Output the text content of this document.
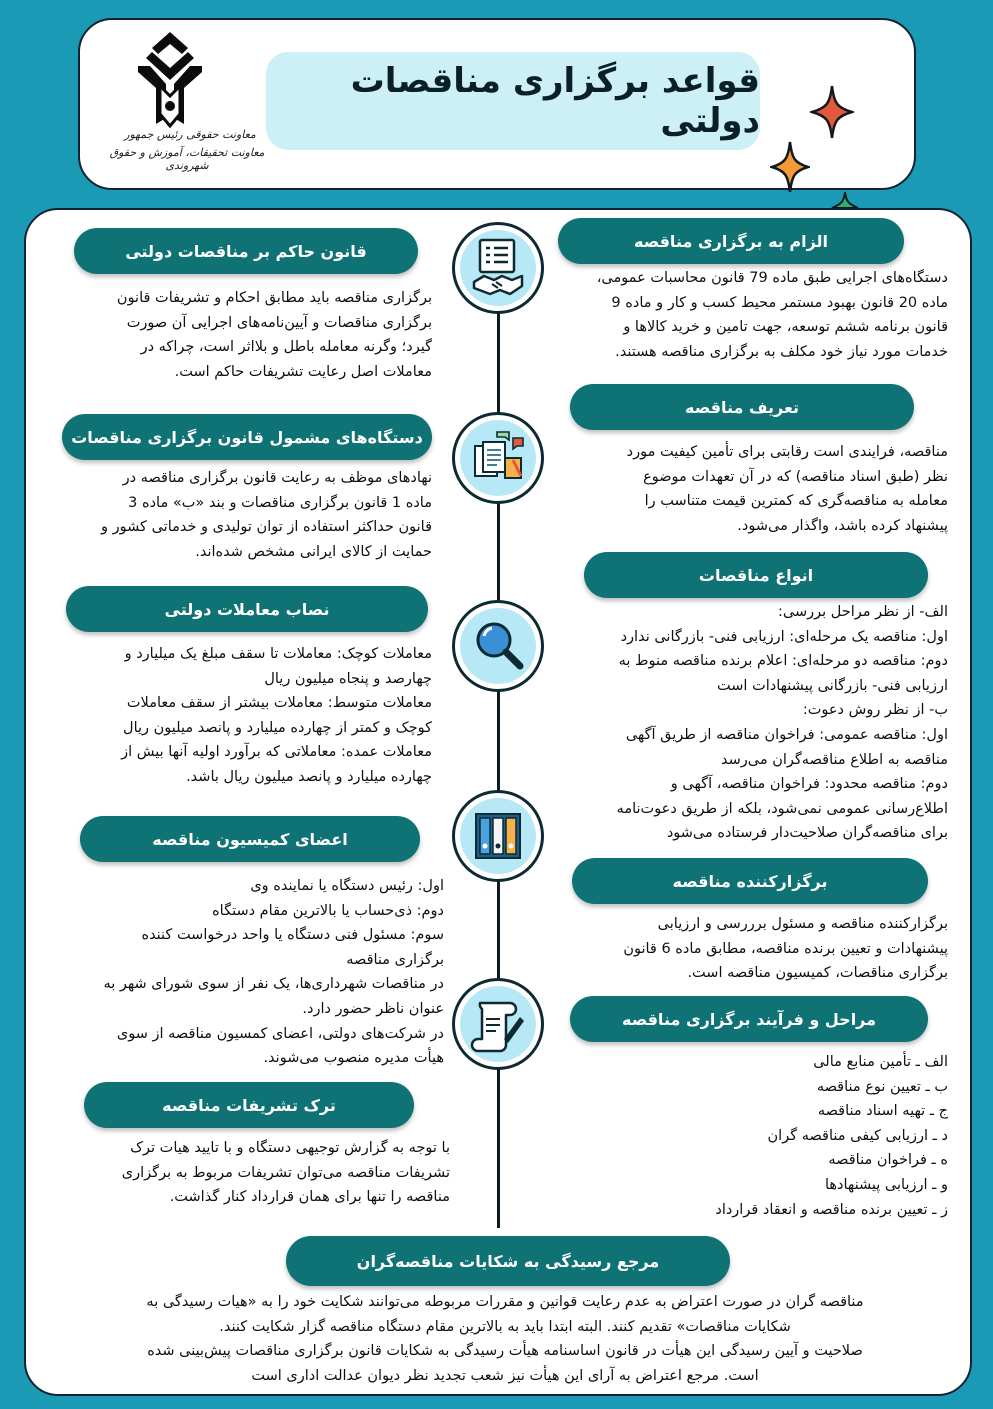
معاونت حقوقی رئیس جمهور
معاونت تحقیقات، آموزش و حقوق شهروندی
قواعد برگزاری مناقصات دولتی
الزام به برگزاری مناقصه
دستگاه‌های اجرایی طبق ماده 79 قانون محاسبات عمومی،
ماده 20 قانون بهبود مستمر محیط کسب و کار و ماده 9
قانون برنامه ششم توسعه، جهت تامین و خرید کالاها و
خدمات مورد نیاز خود مکلف به برگزاری مناقصه هستند.
تعریف مناقصه
مناقصه، فرایندی است رقابتی برای تأمین کیفیت مورد
نظر (طبق اسناد مناقصه) که در آن تعهدات موضوع
معامله به مناقصه‌گری که کمترین قیمت متناسب را
پیشنهاد کرده باشد، واگذار می‌شود.
انواع مناقصات
الف- از نظر مراحل بررسی:
اول: مناقصه یک مرحله‌ای: ارزیابی فنی- بازرگانی ندارد
دوم: مناقصه دو مرحله‌ای: اعلام برنده مناقصه منوط به
ارزیابی فنی- بازرگانی پیشنهادات است
ب- از نظر روش دعوت:
اول: مناقصه عمومی: فراخوان مناقصه از طریق آگهی
مناقصه به اطلاع مناقصه‌گران می‌رسد
دوم: مناقصه محدود: فراخوان مناقصه، آگهی و
اطلاع‌رسانی عمومی نمی‌شود، بلکه از طریق دعوت‌نامه
برای مناقصه‌گران صلاحیت‌دار فرستاده می‌شود
برگزارکننده مناقصه
برگزارکننده مناقصه و مسئول برررسی و ارزیابی
پیشنهادات و تعیین برنده مناقصه، مطابق ماده 6 قانون
برگزاری مناقصات، کمیسیون مناقصه است.
مراحل و فرآیند برگزاری مناقصه
الف ـ تأمین منابع مالی
ب ـ تعیین نوع مناقصه
ج ـ تهیه اسناد مناقصه
د ـ ارزیابی کیفی مناقصه گران
ه ـ فراخوان مناقصه
و ـ ارزیابی پیشنهادها
ز ـ تعیین برنده مناقصه و انعقاد قرارداد
قانون حاکم بر مناقصات دولتی
برگزاری مناقصه باید مطابق احکام و تشریفات قانون
برگزاری مناقصات و آیین‌نامه‌های اجرایی آن صورت
گیرد؛ وگرنه معامله باطل و بلااثر است، چراکه در
معاملات اصل رعایت تشریفات حاکم است.
دستگاه‌های مشمول قانون برگزاری مناقصات
نهادهای موظف به رعایت قانون برگزاری مناقصه در
ماده 1 قانون برگزاری مناقصات و بند «ب» ماده 3
قانون حداکثر استفاده از توان تولیدی و خدماتی کشور و
حمایت از کالای ایرانی مشخص شده‌اند.
نصاب معاملات دولتی
معاملات کوچک: معاملات تا سقف مبلغ یک میلیارد و
چهارصد و پنجاه میلیون ریال
معاملات متوسط: معاملات بیشتر از سقف معاملات
کوچک و کمتر از چهارده میلیارد و پانصد میلیون ریال
معاملات عمده: معاملاتی که برآورد اولیه آنها بیش از
چهارده میلیارد و پانصد میلیون ریال باشد.
اعضای کمیسیون مناقصه
اول: رئیس دستگاه یا نماینده وی
دوم: ذی‌حساب یا بالاترین مقام دستگاه
سوم: مسئول فنی دستگاه یا واحد درخواست کننده
برگزاری مناقصه
در مناقصات شهرداری‌ها، یک نفر از سوی شورای شهر به
عنوان ناظر حضور دارد.
در شرکت‌های دولتی، اعضای کمسیون مناقصه از سوی
هیأت مدیره منصوب می‌شوند.
ترک تشریفات مناقصه
با توجه به گزارش توجیهی دستگاه و با تایید هیات ترک
تشریفات مناقصه می‌توان تشریفات مربوط به برگزاری
مناقصه را تنها برای همان قرارداد کنار گذاشت.
مرجع رسیدگی به شکایات مناقصه‌گران
مناقصه گران در صورت اعتراض به عدم رعایت قوانین و مقررات مربوطه می‌توانند شکایت خود را به «هیات رسیدگی به
شکایات مناقصات» تقدیم کنند. البته ابتدا باید به بالاترین مقام دستگاه مناقصه گزار شکایت کنند.
صلاحیت و آیین رسیدگی این هیأت در قانون اساسنامه هیأت رسیدگی به شکایات قانون برگزاری مناقصات پیش‌بینی شده
است. مرجع اعتراض به آرای این هیأت نیز شعب تجدید نظر دیوان عدالت اداری است
